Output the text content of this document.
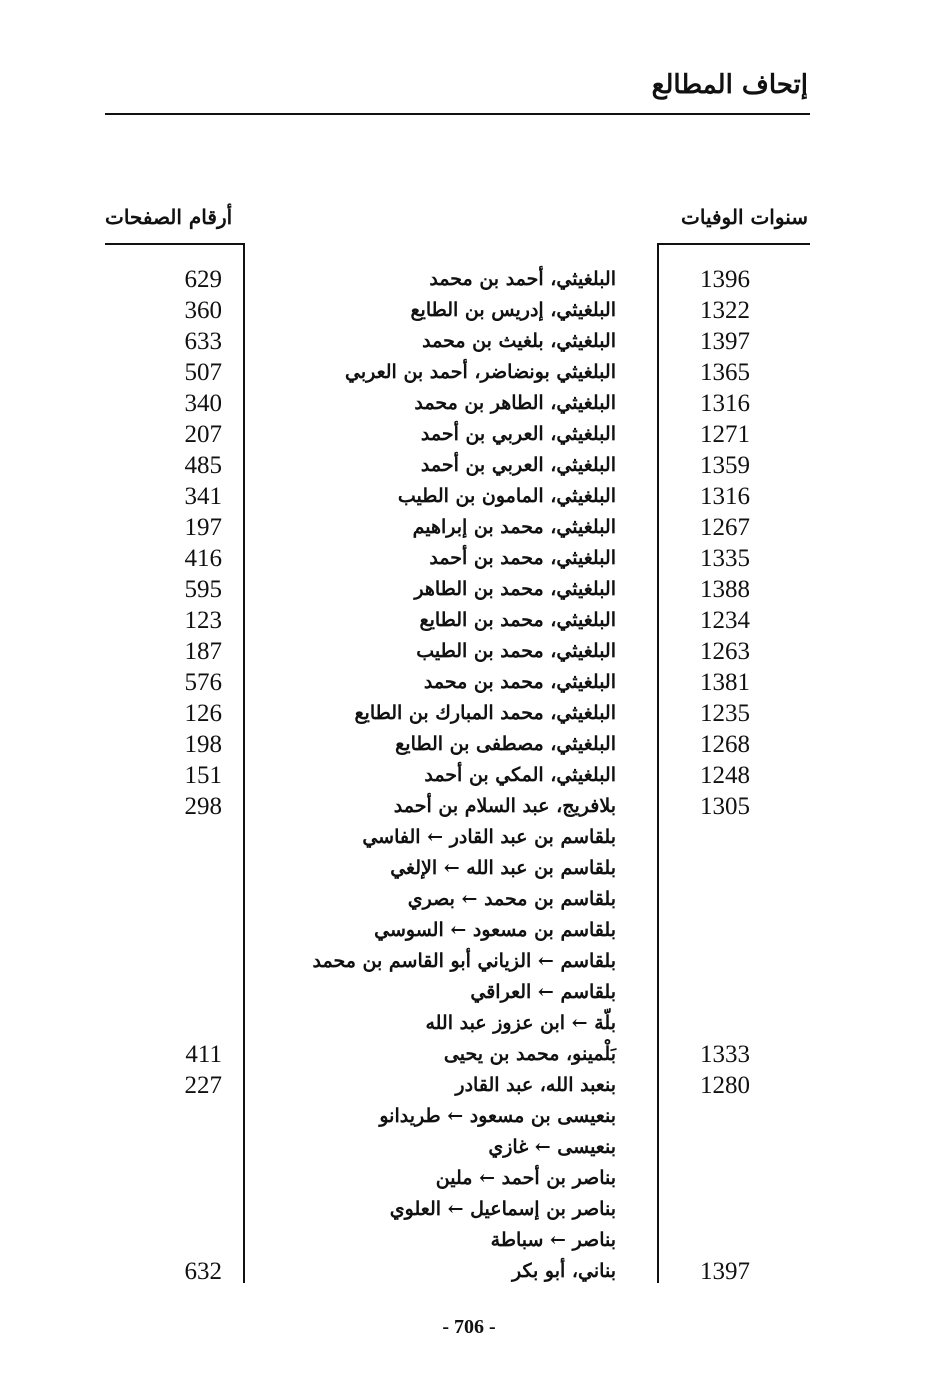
إتحاف المطالع
سنوات الوفيات
أرقام الصفحات
1396
البلغيثي، أحمد بن محمد
629
1322
البلغيثي، إدريس بن الطايع
360
1397
البلغيثي، بلغيث بن محمد
633
1365
البلغيثي بونضاضر، أحمد بن العربي
507
1316
البلغيثي، الطاهر بن محمد
340
1271
البلغيثي، العربي بن أحمد
207
1359
البلغيثي، العربي بن أحمد
485
1316
البلغيثي، المامون بن الطيب
341
1267
البلغيثي، محمد بن إبراهيم
197
1335
البلغيثي، محمد بن أحمد
416
1388
البلغيثي، محمد بن الطاهر
595
1234
البلغيثي، محمد بن الطايع
123
1263
البلغيثي، محمد بن الطيب
187
1381
البلغيثي، محمد بن محمد
576
1235
البلغيثي، محمد المبارك بن الطايع
126
1268
البلغيثي، مصطفى بن الطايع
198
1248
البلغيثي، المكي بن أحمد
151
1305
بلافريج، عبد السلام بن أحمد
298
بلقاسم بن عبد القادر ← الفاسي
بلقاسم بن عبد الله ← الإلغي
بلقاسم بن محمد ← بصري
بلقاسم بن مسعود ← السوسي
بلقاسم ← الزياني أبو القاسم بن محمد
بلقاسم ← العراقي
بلّة ← ابن عزوز عبد الله
1333
بَلْمينو، محمد بن يحيى
411
1280
بنعبد الله، عبد القادر
227
بنعيسى بن مسعود ← طريدانو
بنعيسى ← غازي
بناصر بن أحمد ← ملين
بناصر بن إسماعيل ← العلوي
بناصر ← سباطة
1397
بناني، أبو بكر
632
- 706 -
